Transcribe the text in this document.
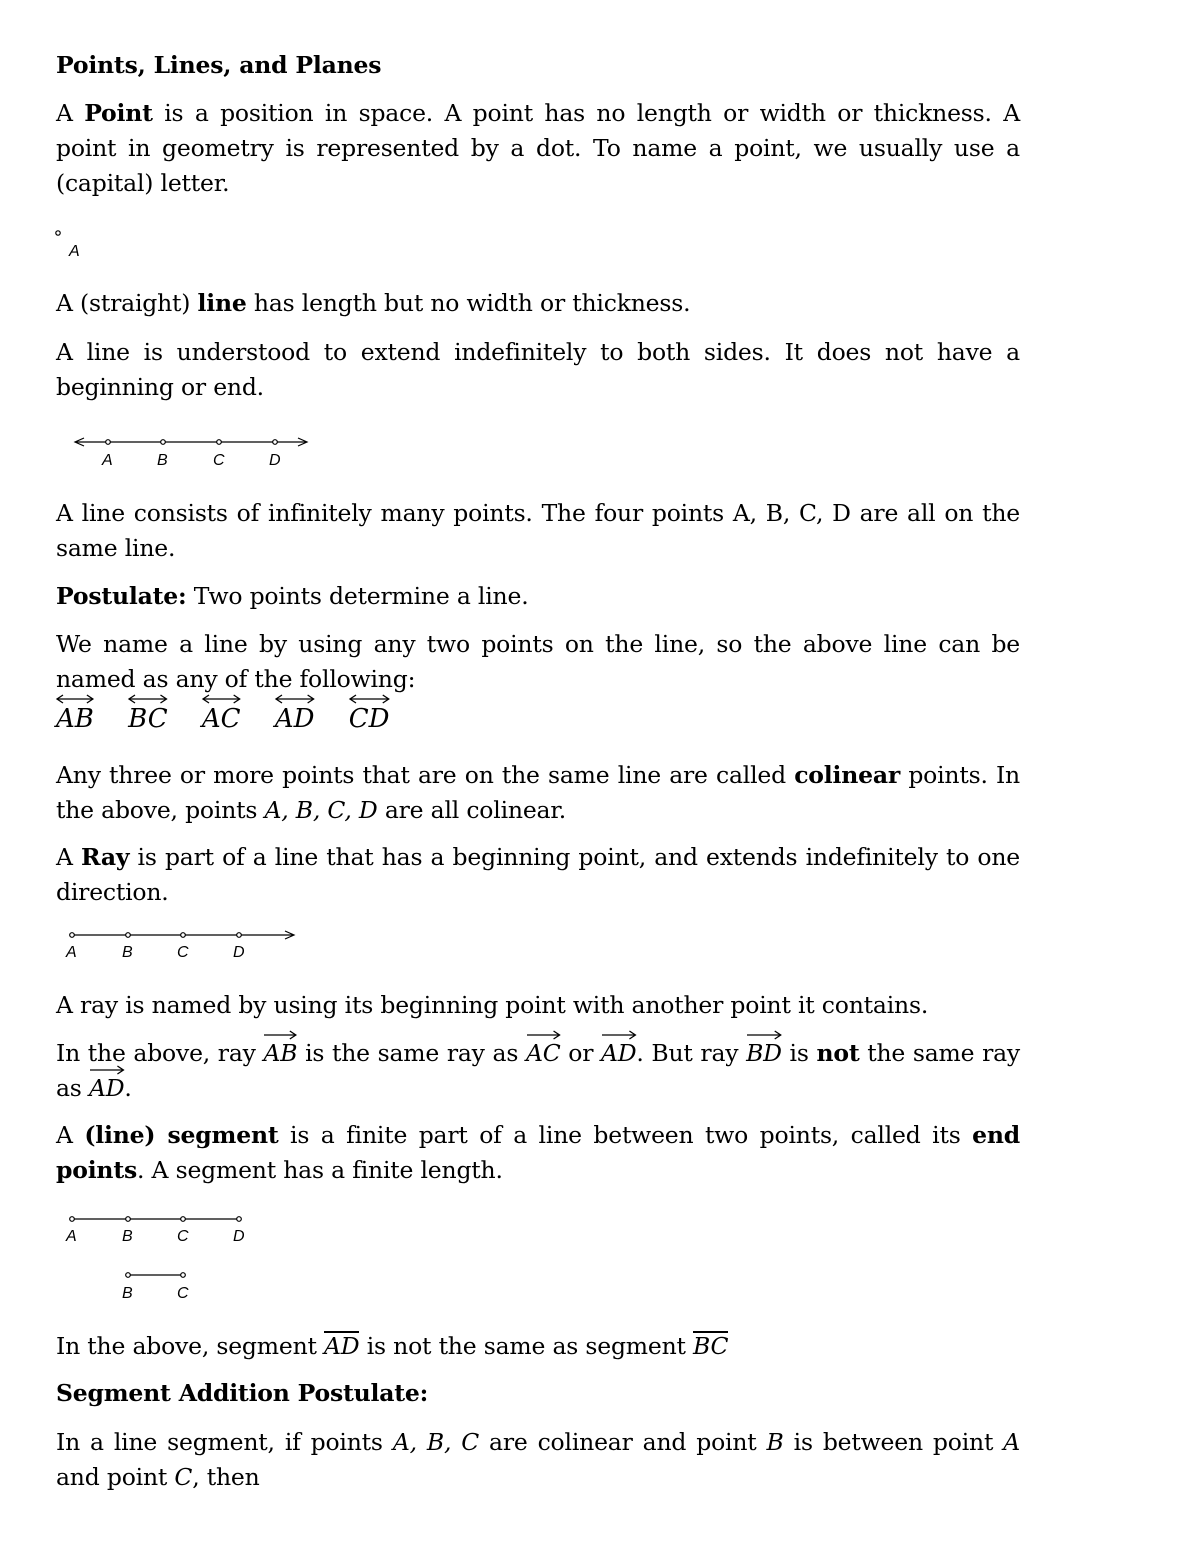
Points, Lines, and Planes

A Point is a position in space. A point has no length or width or thickness. A point in geometry is represented by a dot. To name a point, we usually use a (capital) letter.

A

A (straight) line has length but no width or thickness.

A line is understood to extend indefinitely to both sides. It does not have a beginning or end.

A	B	C	D

A line consists of infinitely many points. The four points A, B, C, D are all on the same line.

Postulate: Two points determine a line.

We name a line by using any two points on the line, so the above line can be named as any of the following:

AB BC AC AD CD

Any three or more points that are on the same line are called colinear points. In the above, points A, B, C, D are all colinear.

A Ray is part of a line that has a beginning point, and extends indefinitely to one direction.

A	B	C	D

A ray is named by using its beginning point with another point it contains.

In the above, ray AB
is the same ray as AC
or AD
. But ray BD
is not the same ray as AD
.

A (line) segment is a finite part of a line between two points, called its end points. A segment has a finite length.

A	B	C	D
B	C

In the above, segment
AD is not the same as segment
BC

Segment Addition Postulate:

In a line segment, if points A, B, C are colinear and point B is between point A and point C, then
